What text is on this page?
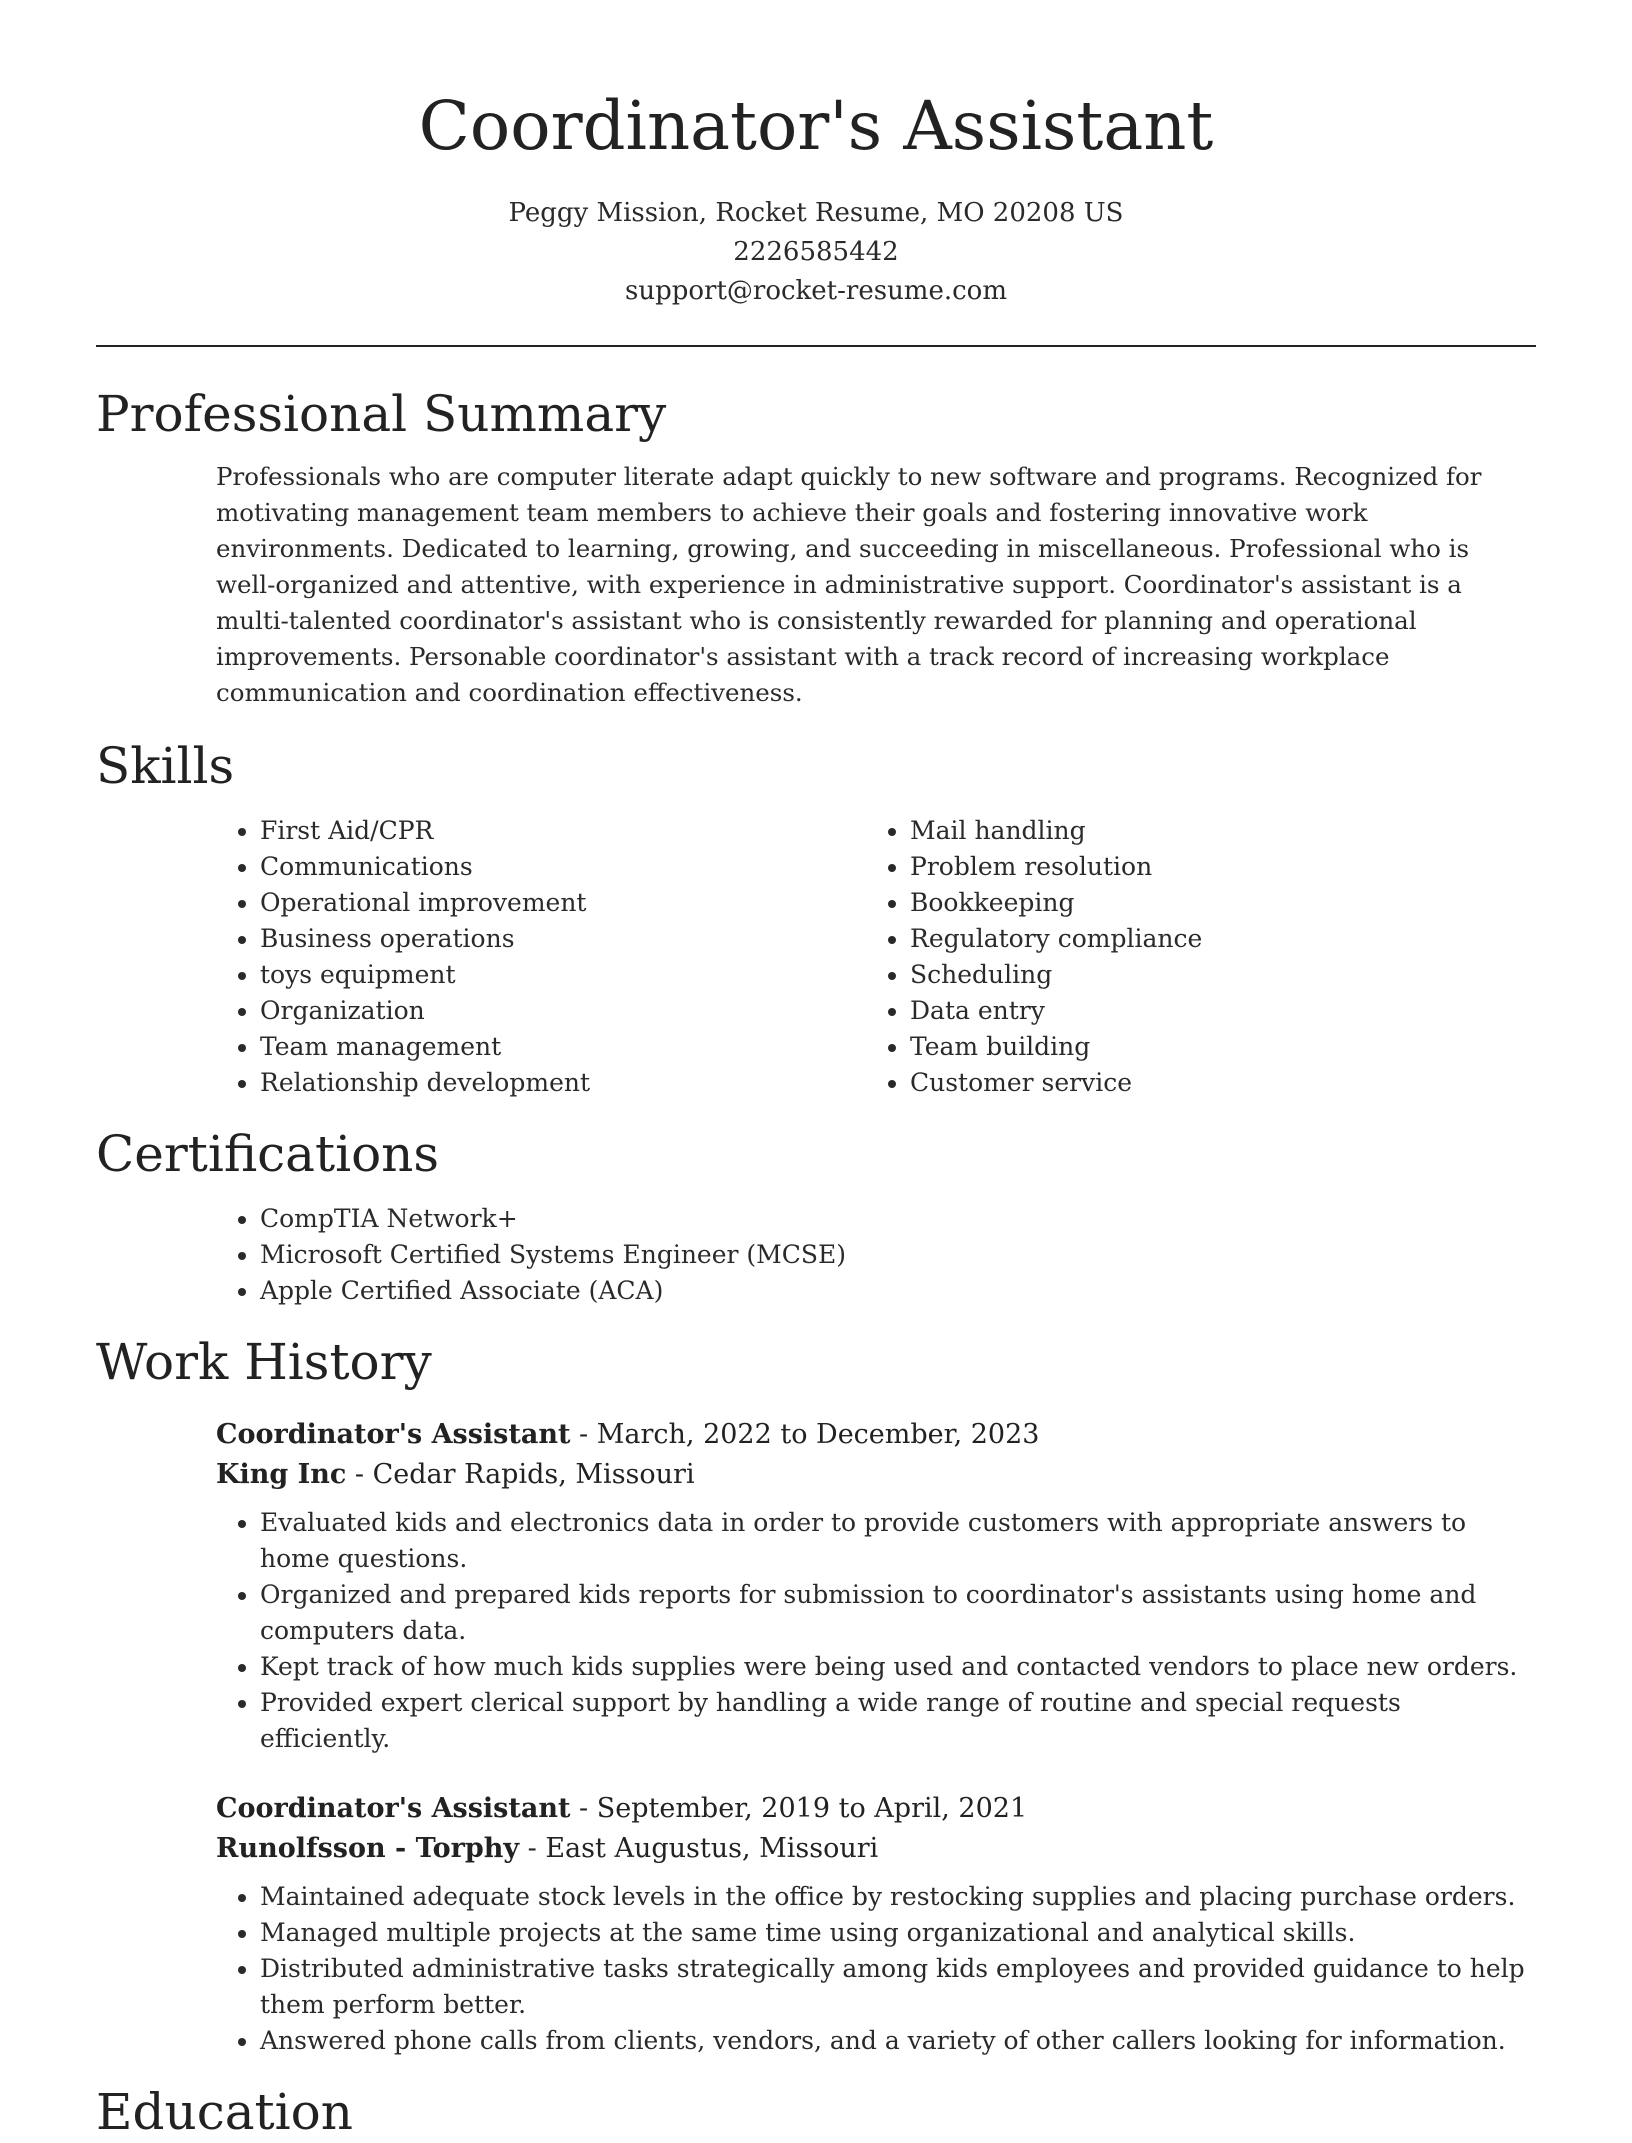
Coordinator's Assistant
Peggy Mission, Rocket Resume, MO 20208 US
2226585442
support@rocket-resume.com
Professional Summary

Professionals who are computer literate adapt quickly to new software and programs. Recognized for motivating management team members to achieve their goals and fostering innovative work environments. Dedicated to learning, growing, and succeeding in miscellaneous. Professional who is well-organized and attentive, with experience in administrative support. Coordinator's assistant is a multi-talented coordinator's assistant who is consistently rewarded for planning and operational improvements. Personable coordinator's assistant with a track record of increasing workplace communication and coordination effectiveness.

Skills
• First Aid/CPR
• Communications
• Operational improvement
• Business operations
• toys equipment
• Organization
• Team management
• Relationship development
• Mail handling
• Problem resolution
• Bookkeeping
• Regulatory compliance
• Scheduling
• Data entry
• Team building
• Customer service
Certifications
• CompTIA Network+
• Microsoft Certified Systems Engineer (MCSE)
• Apple Certified Associate (ACA)
Work History
Coordinator's Assistant - March, 2022 to December, 2023
King Inc - Cedar Rapids, Missouri
• Evaluated kids and electronics data in order to provide customers with appropriate answers to home questions.
• Organized and prepared kids reports for submission to coordinator's assistants using home and computers data.
• Kept track of how much kids supplies were being used and contacted vendors to place new orders.
• Provided expert clerical support by handling a wide range of routine and special requests efficiently.
Coordinator's Assistant - September, 2019 to April, 2021
Runolfsson - Torphy - East Augustus, Missouri
• Maintained adequate stock levels in the office by restocking supplies and placing purchase orders.
• Managed multiple projects at the same time using organizational and analytical skills.
• Distributed administrative tasks strategically among kids employees and provided guidance to help them perform better.
• Answered phone calls from clients, vendors, and a variety of other callers looking for information.
Education
